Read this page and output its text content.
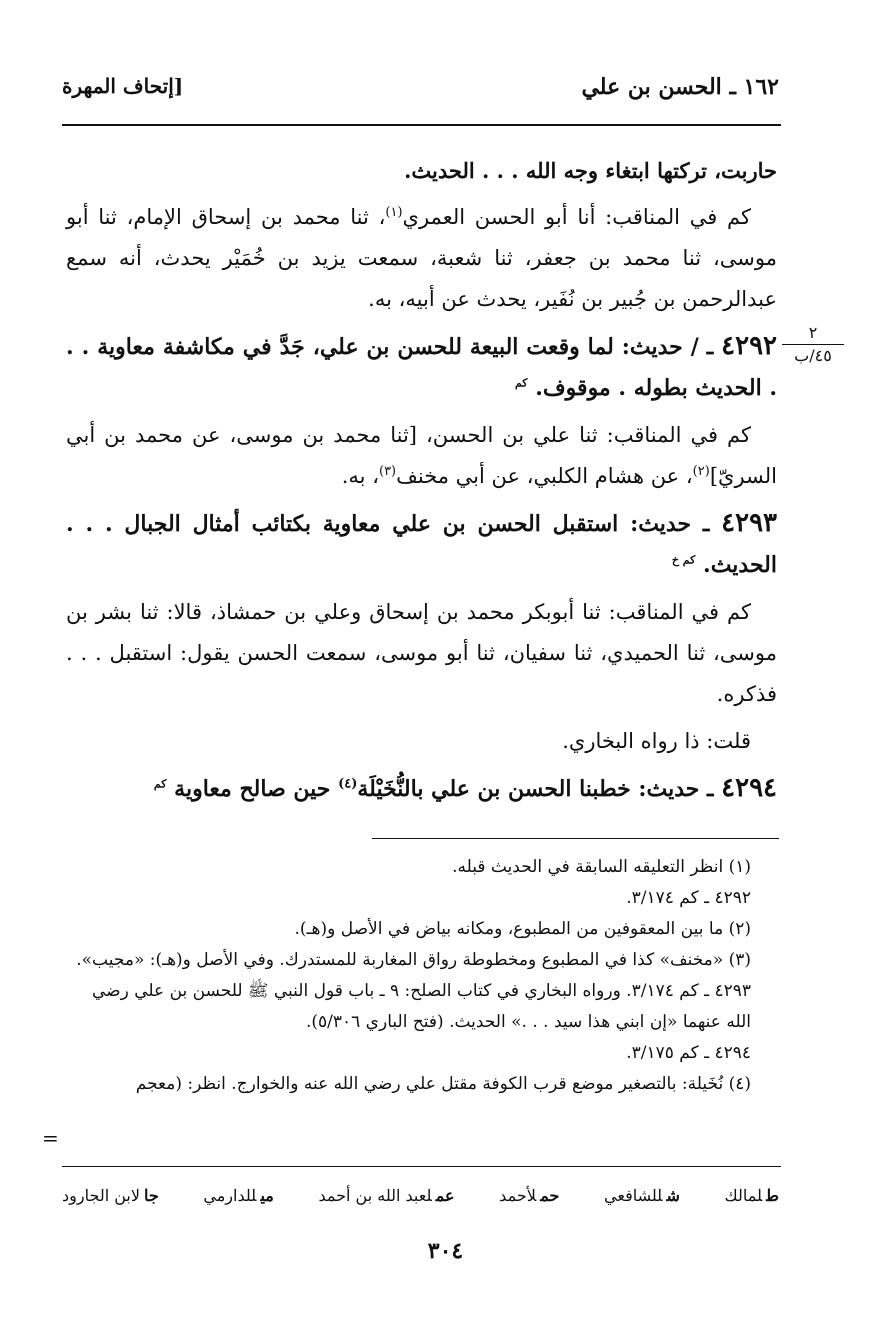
١٦٢ ـ الحسن بن علي
[إتحاف المهرة
٢
٤٥/ب

حاربت، تركتها ابتغاء وجه الله . . . الحديث.

كم في المناقب: أنا أبو الحسن العمري$^{(١)}$، ثنا محمد بن إسحاق الإمام، ثنا أبو موسى، ثنا محمد بن جعفر، ثنا شعبة، سمعت يزيد بن خُمَيْر يحدث، أنه سمع عبدالرحمن بن جُبير بن نُفَير، يحدث عن أبيه، به.

٤٢٩٢ ـ / حديث: لما وقعت البيعة للحسن بن علي، جَدَّ في مكاشفة معاوية . . . الحديث بطوله . موقوف. $^{كم}$

كم في المناقب: ثنا علي بن الحسن، [ثنا محمد بن موسى، عن محمد بن أبي السريّ]$^{(٢)}$، عن هشام الكلبي، عن أبي مخنف$^{(٣)}$، به.

٤٢٩٣ ـ حديث: استقبل الحسن بن علي معاوية بكتائب أمثال الجبال . . . الحديث. $^{كم خ}$

كم في المناقب: ثنا أبوبكر محمد بن إسحاق وعلي بن حمشاذ، قالا: ثنا بشر بن موسى، ثنا الحميدي، ثنا سفيان، ثنا أبو موسى، سمعت الحسن يقول: استقبل . . . فذكره.

قلت: ذا رواه البخاري.

٤٢٩٤ ـ حديث: خطبنا الحسن بن علي بالنُّخَيْلَة$^{(٤)}$ حين صالح معاوية $^{كم}$

(١) انظر التعليقه السابقة في الحديث قبله.

٤٢٩٢ ـ كم ٣/١٧٤.

(٢) ما بين المعقوفين من المطبوع، ومكانه بياض في الأصل و(هـ).

(٣) «مخنف» كذا في المطبوع ومخطوطة رواق المغاربة للمستدرك. وفي الأصل و(هـ): «مجيب».

٤٢٩٣ ـ كم ٣/١٧٤. ورواه البخاري في كتاب الصلح: ٩ ـ باب قول النبي ﷺ للحسن بن علي رضي الله عنهما «إن ابني هذا سيد . . .» الحديث. (فتح الباري ٥/٣٠٦).

٤٢٩٤ ـ كم ٣/١٧٥.

(٤) نُخَيلة: بالتصغير موضع قرب الكوفة مقتل علي رضي الله عنه والخوارج. انظر: (معجم

=
طلمالك
شللشافعي
حملأحمد
عملعبد الله بن أحمد
ميللدارمي
جالابن الجارود
٣٠٤
